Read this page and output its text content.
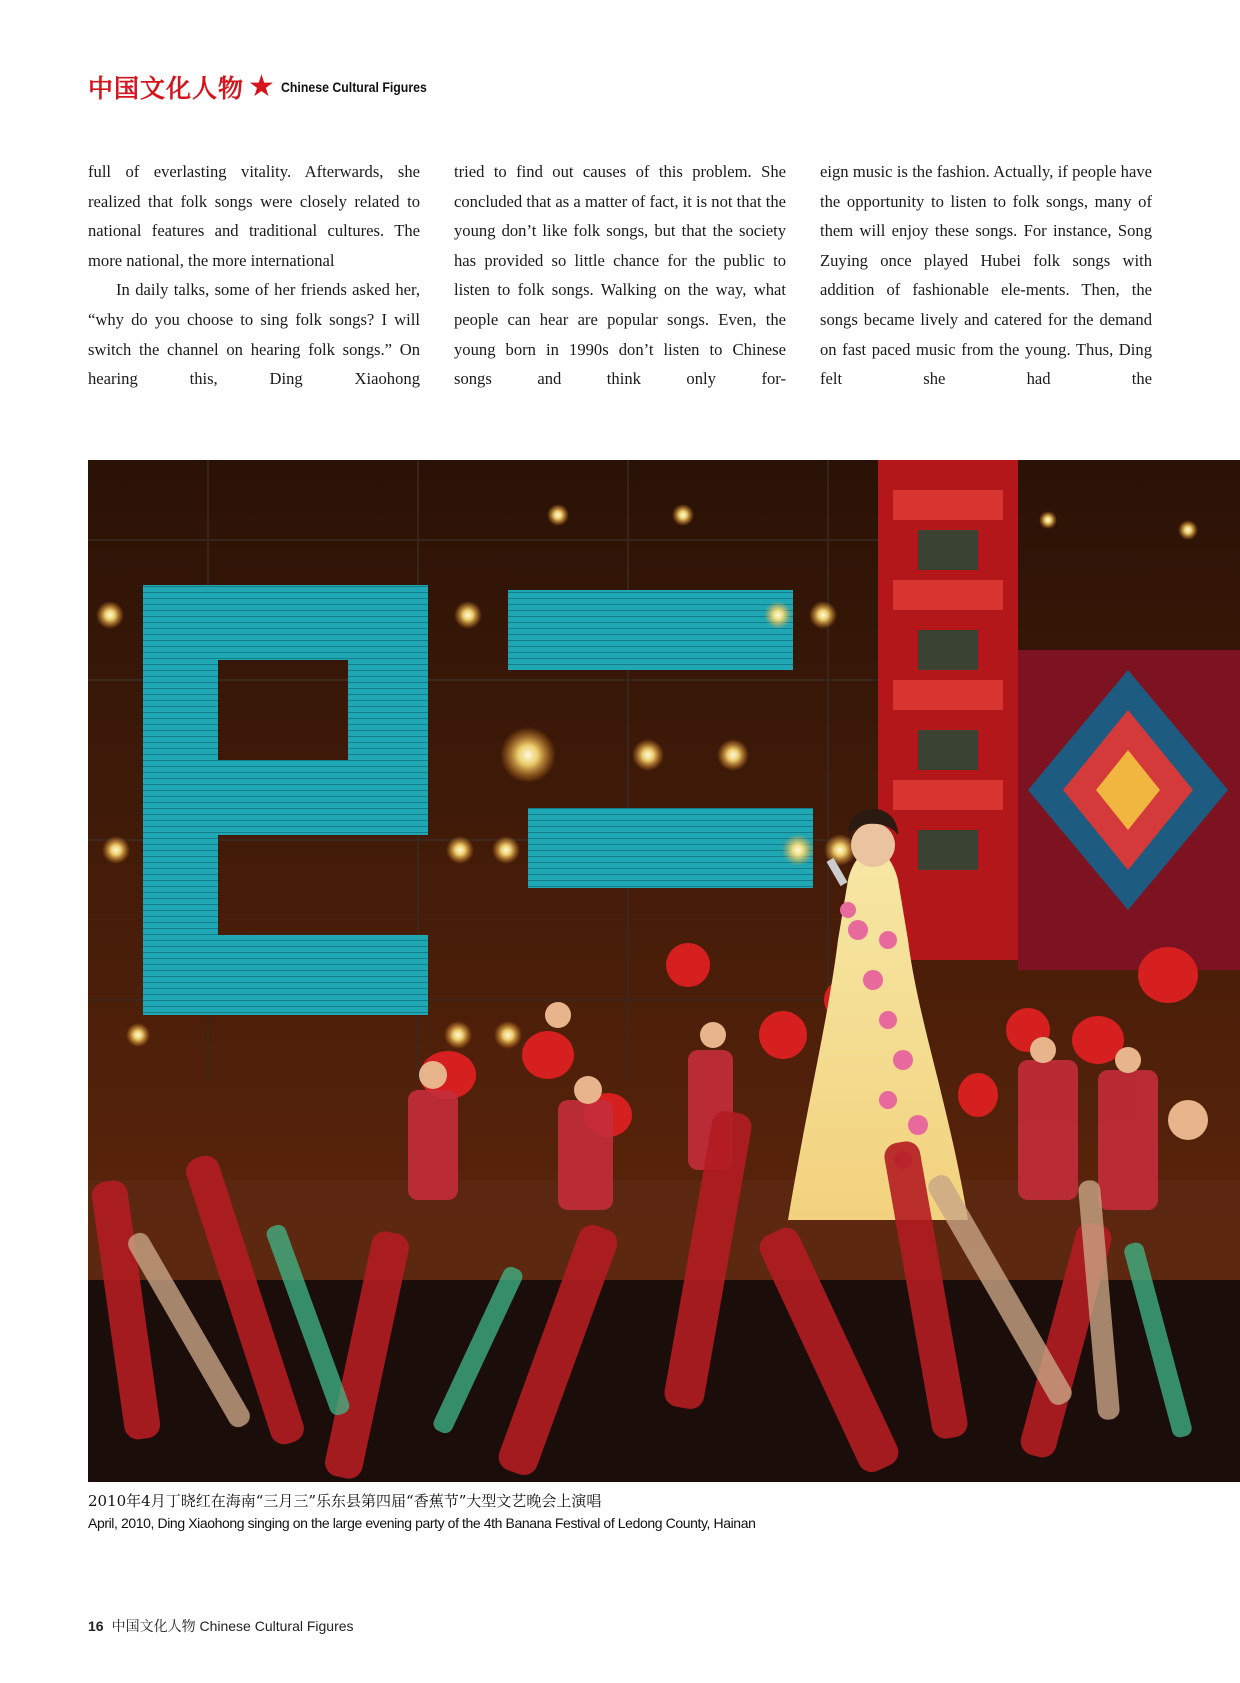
中国文化人物 ★ Chinese Cultural Figures

full of everlasting vitality. Afterwards, she realized that folk songs were closely related to national features and traditional cultures. The more national, the more international

In daily talks, some of her friends asked her, “why do you choose to sing folk songs? I will switch the channel on hearing folk songs.” On hearing this, Ding Xiaohong

tried to find out causes of this problem. She concluded that as a matter of fact, it is not that the young don’t like folk songs, but that the society has provided so little chance for the public to listen to folk songs. Walking on the way, what people can hear are popular songs. Even, the young born in 1990s don’t listen to Chinese songs and think only for-

eign music is the fashion. Actually, if people have the opportunity to listen to folk songs, many of them will enjoy these songs. For instance, Song Zuying once played Hubei folk songs with addition of fashionable ele-ments. Then, the songs became lively and catered for the demand on fast paced music from the young. Thus, Ding felt she had the

2010年4月丁晓红在海南“三月三”乐东县第四届“香蕉节”大型文艺晚会上演唱
April, 2010, Ding Xiaohong singing on the large evening party of the 4th Banana Festival of Ledong County, Hainan
16 中国文化人物 Chinese Cultural Figures
